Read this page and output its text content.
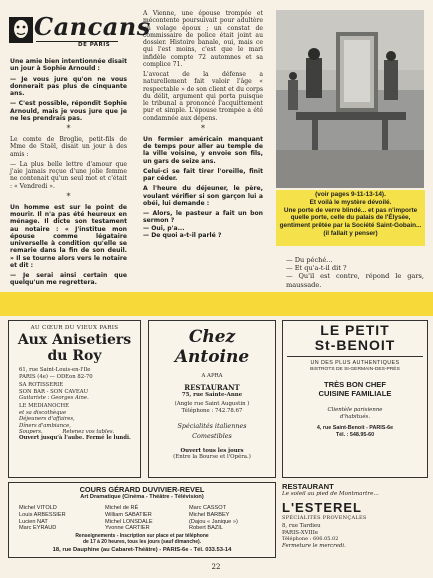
Cancans
DE PARIS

Une amie bien intentionnée disait un jour à Sophie Arnould :

— Je vous jure qu'on ne vous donnerait pas plus de cinquante ans.

— C'est possible, répondit Sophie Arnould, mais je vous jure que je ne les prendrais pas.

*

Le comte de Broglie, petit-fils de Mme de Staël, disait un jour à des amis :

— La plus belle lettre d'amour que j'aie jamais reçue d'une jolie femme ne contenait qu'un seul mot et c'était : « Vendredi ».

*

Un homme est sur le point de mourir. Il n'a pas été heureux en ménage. Il dicte son testament au notaire : « J'institue mon épouse comme légataire universelle à condition qu'elle se remarie dans la fin de son deuil. » Il se tourne alors vers le notaire et dit :

— Je serai ainsi certain que quelqu'un me regrettera.

A Vienne, une épouse trompée et mécontente poursuivait pour adultère un volage époux ; un constat de commissaire de police était joint au dossier. Histoire banale, oui, mais ce qui l'est moins, c'est que le mari infidèle compte 72 automnes et sa complice 71.

L'avocat de la défense a naturellement fait valoir l'âge « respectable » de son client et du corps du délit, argument qui porta puisque le tribunal a prononcé l'acquittement pur et simple. L'épouse trompée a été condamnée aux dépens.

*

Un fermier américain manquant de temps pour aller au temple de la ville voisine, y envoie son fils, un gars de seize ans.

Celui-ci se fait tirer l'oreille, finit par céder.

A l'heure du déjeuner, le père, voulant vérifier si son garçon lui a obéi, lui demande :

— Alors, le pasteur a fait un bon sermon ?

— Oui, p'a...

— De quoi a-t-il parlé ?

(voir pages 9-11-13-14).
Et voilà le mystère dévoilé.
Une porte de verre blindé... et pas n'importe quelle porte, celle du palais de l'Élysée, gentiment prêtée par la Société Saint-Gobain... (il fallait y penser)
— Du péché...
— Et qu'a-t-il dit ?
— Qu'il est contre, répond le gars, maussade.
AU CŒUR DU VIEUX PARIS
Aux Anisetiers
du Roy
61, rue Saint-Louis-en-l'Ile
PARIS (4e) — ODEon 82-70
SA ROTISSERIE
SON BAR - SON CAVEAU
Guitariste : Georges Aine.
LE MEDIANOCHE
et sa discothèque
Déjeuners d'affaires,
Dîners d'ambiance,
Soupers.	Retenez vos tables.
Ouvert jusqu'à l'aube. Fermé le lundi.
Chez Antoine
A APRA
RESTAURANT
75, rue Sainte-Anne
(Angle rue Saint Augustin )
Téléphone : 742.78.67
Spécialités italiennes
Comestibles
Ouvert tous les jours
(Entre la Bourse et l'Opéra.)
LE PETIT
St-BENOIT
UN DES PLUS AUTHENTIQUES
BISTROTS DE St-GERMAIN-DES-PRÉS
TRÈS BON CHEF
CUISINE FAMILIALE
Clientèle parisienne
d'habitués.
4, rue Saint-Benoit - PARIS-6e
Tél. : 548.95-60
COURS GÉRARD DUVIVIER-REVEL
Art Dramatique (Cinéma - Théâtre - Télévision)
Michel VITOLD
Louis ARBESSIER
Lucien NAT
Marc EYRAUD
Michel de RÉ
William SABATIER
Michel LONSDALE
Yvonne CARTIER
Marc CASSOT
Michel BARBEY
(Dajou « Janique »)
Robert BAZIL
Renseignements - Inscription sur place et par téléphone
de 17 à 20 heures, tous les jours (sauf dimanche).
18, rue Dauphine (au Cabaret-Théâtre) - PARIS-6e - Tél. 033.53-14
RESTAURANT
Le soleil au pied de Montmartre...
L'ESTEREL
SPÉCIALITÉS PROVENÇALES
8, rue Tardieu
PARIS-XVIIIe
Téléphone : 606.05.02
Fermeture le mercredi.
22
